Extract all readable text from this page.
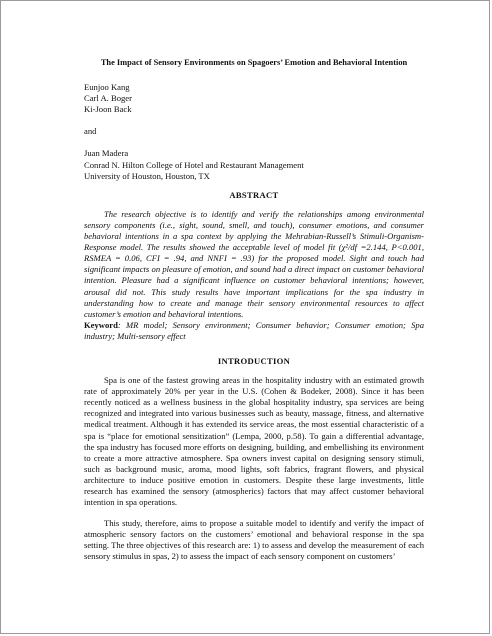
The Impact of Sensory Environments on Spagoers’ Emotion and Behavioral Intention

Eunjoo Kang

Carl A. Boger

Ki-Joon Back

and

Juan Madera

Conrad N. Hilton College of Hotel and Restaurant Management

University of Houston, Houston, TX

ABSTRACT

The research objective is to identify and verify the relationships among environmental sensory components (i.e., sight, sound, smell, and touch), consumer emotions, and consumer behavioral intentions in a spa context by applying the Mehrabian-Russell’s Stimuli-Organism-Response model. The results showed the acceptable level of model fit (χ²/df =2.144, P<0.001, RSMEA = 0.06, CFI = .94, and NNFI = .93) for the proposed model. Sight and touch had significant impacts on pleasure of emotion, and sound had a direct impact on customer behavioral intention. Pleasure had a significant influence on customer behavioral intentions; however, arousal did not. This study results have important implications for the spa industry in understanding how to create and manage their sensory environmental resources to affect customer’s emotion and behavioral intentions.

Keyword: MR model; Sensory environment; Consumer behavior; Consumer emotion; Spa industry; Multi-sensory effect

INTRODUCTION

Spa is one of the fastest growing areas in the hospitality industry with an estimated growth rate of approximately 20% per year in the U.S. (Cohen & Bodeker, 2008). Since it has been recently noticed as a wellness business in the global hospitality industry, spa services are being recognized and integrated into various businesses such as beauty, massage, fitness, and alternative medical treatment. Although it has extended its service areas, the most essential characteristic of a spa is “place for emotional sensitization” (Lempa, 2000, p.58). To gain a differential advantage, the spa industry has focused more efforts on designing, building, and embellishing its environment to create a more attractive atmosphere. Spa owners invest capital on designing sensory stimuli, such as background music, aroma, mood lights, soft fabrics, fragrant flowers, and physical architecture to induce positive emotion in customers. Despite these large investments, little research has examined the sensory (atmospherics) factors that may affect customer behavioral intention in spa operations.

This study, therefore, aims to propose a suitable model to identify and verify the impact of atmospheric sensory factors on the customers’ emotional and behavioral response in the spa setting. The three objectives of this research are: 1) to assess and develop the measurement of each sensory stimulus in spas, 2) to assess the impact of each sensory component on customers’
